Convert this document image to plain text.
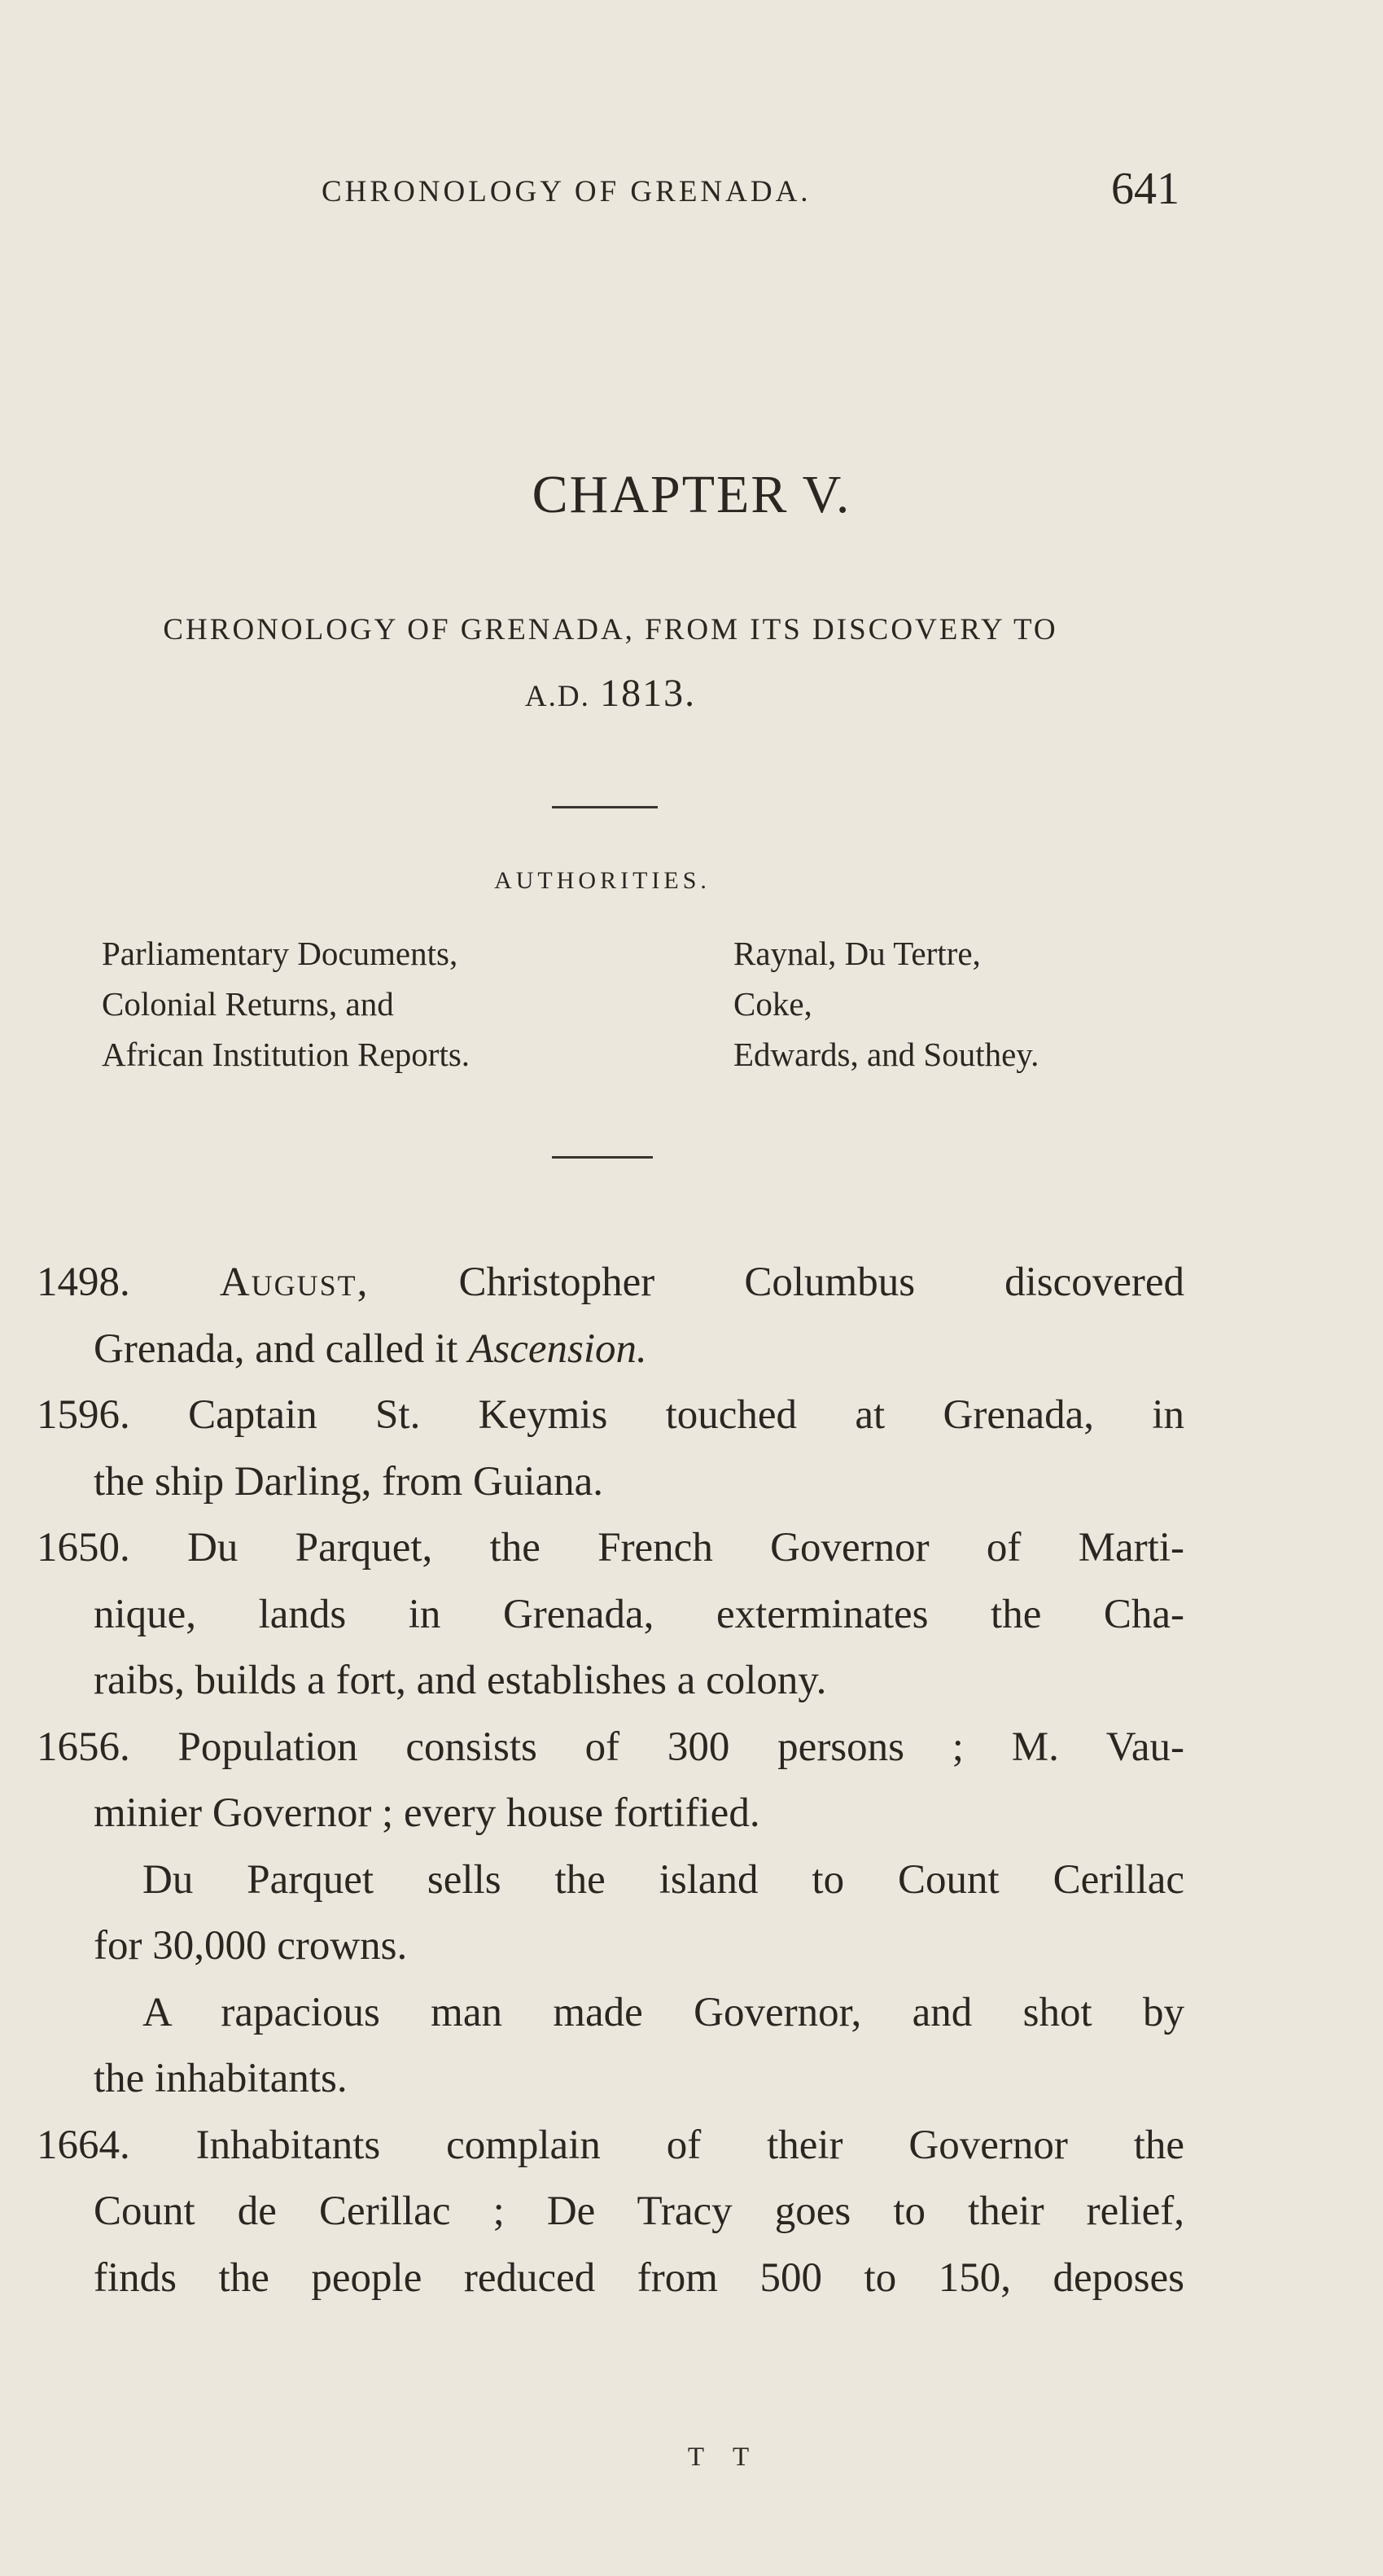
CHRONOLOGY OF GRENADA.	641
CHAPTER V.
CHRONOLOGY OF GRENADA, FROM ITS DISCOVERY TO
A.D. 1813.
AUTHORITIES.
Parliamentary Documents,
Colonial Returns, and
African Institution Reports.
Raynal, Du Tertre,
Coke,
Edwards, and Southey.
1498. August, Christopher Columbus discovered
Grenada, and called it Ascension.
1596. Captain St. Keymis touched at Grenada, in
the ship Darling, from Guiana.
1650. Du Parquet, the French Governor of Marti-
nique, lands in Grenada, exterminates the Cha-
raibs, builds a fort, and establishes a colony.
1656. Population consists of 300 persons ; M. Vau-
minier Governor ; every house fortified.
Du Parquet sells the island to Count Cerillac
for 30,000 crowns.
A rapacious man made Governor, and shot by
the inhabitants.
1664. Inhabitants complain of their Governor the
Count de Cerillac ; De Tracy goes to their relief,
finds the people reduced from 500 to 150, deposes
T T
